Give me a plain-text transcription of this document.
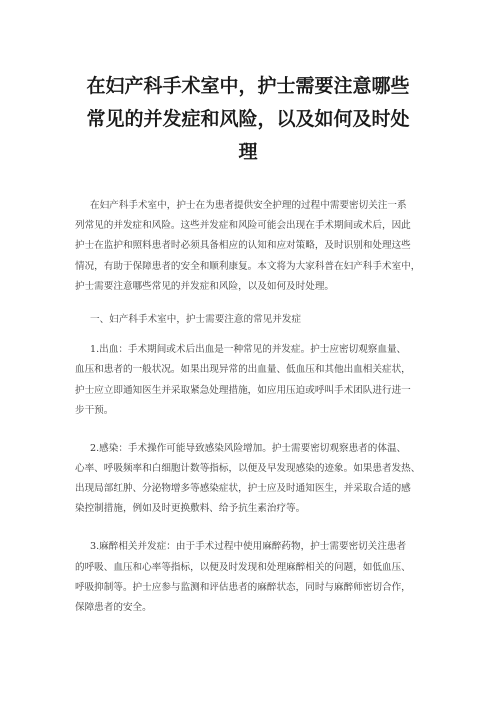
在妇产科手术室中，护士需要注意哪些
常见的并发症和风险，以及如何及时处
理
在妇产科手术室中，护士在为患者提供安全护理的过程中需要密切关注一系
列常见的并发症和风险。这些并发症和风险可能会出现在手术期间或术后，因此
护士在监护和照料患者时必须具备相应的认知和应对策略，及时识别和处理这些
情况，有助于保障患者的安全和顺利康复。本文将为大家科普在妇产科手术室中，
护士需要注意哪些常见的并发症和风险，以及如何及时处理。
一、妇产科手术室中，护士需要注意的常见并发症
1.出血：手术期间或术后出血是一种常见的并发症。护士应密切观察血量、
血压和患者的一般状况。如果出现异常的出血量、低血压和其他出血相关症状，
护士应立即通知医生并采取紧急处理措施，如应用压迫或呼叫手术团队进行进一
步干预。
2.感染：手术操作可能导致感染风险增加。护士需要密切观察患者的体温、
心率、呼吸频率和白细胞计数等指标，以便及早发现感染的迹象。如果患者发热、
出现局部红肿、分泌物增多等感染症状，护士应及时通知医生，并采取合适的感
染控制措施，例如及时更换敷料、给予抗生素治疗等。
3.麻醉相关并发症：由于手术过程中使用麻醉药物，护士需要密切关注患者
的呼吸、血压和心率等指标，以便及时发现和处理麻醉相关的问题，如低血压、
呼吸抑制等。护士应参与监测和评估患者的麻醉状态，同时与麻醉师密切合作，
保障患者的安全。
